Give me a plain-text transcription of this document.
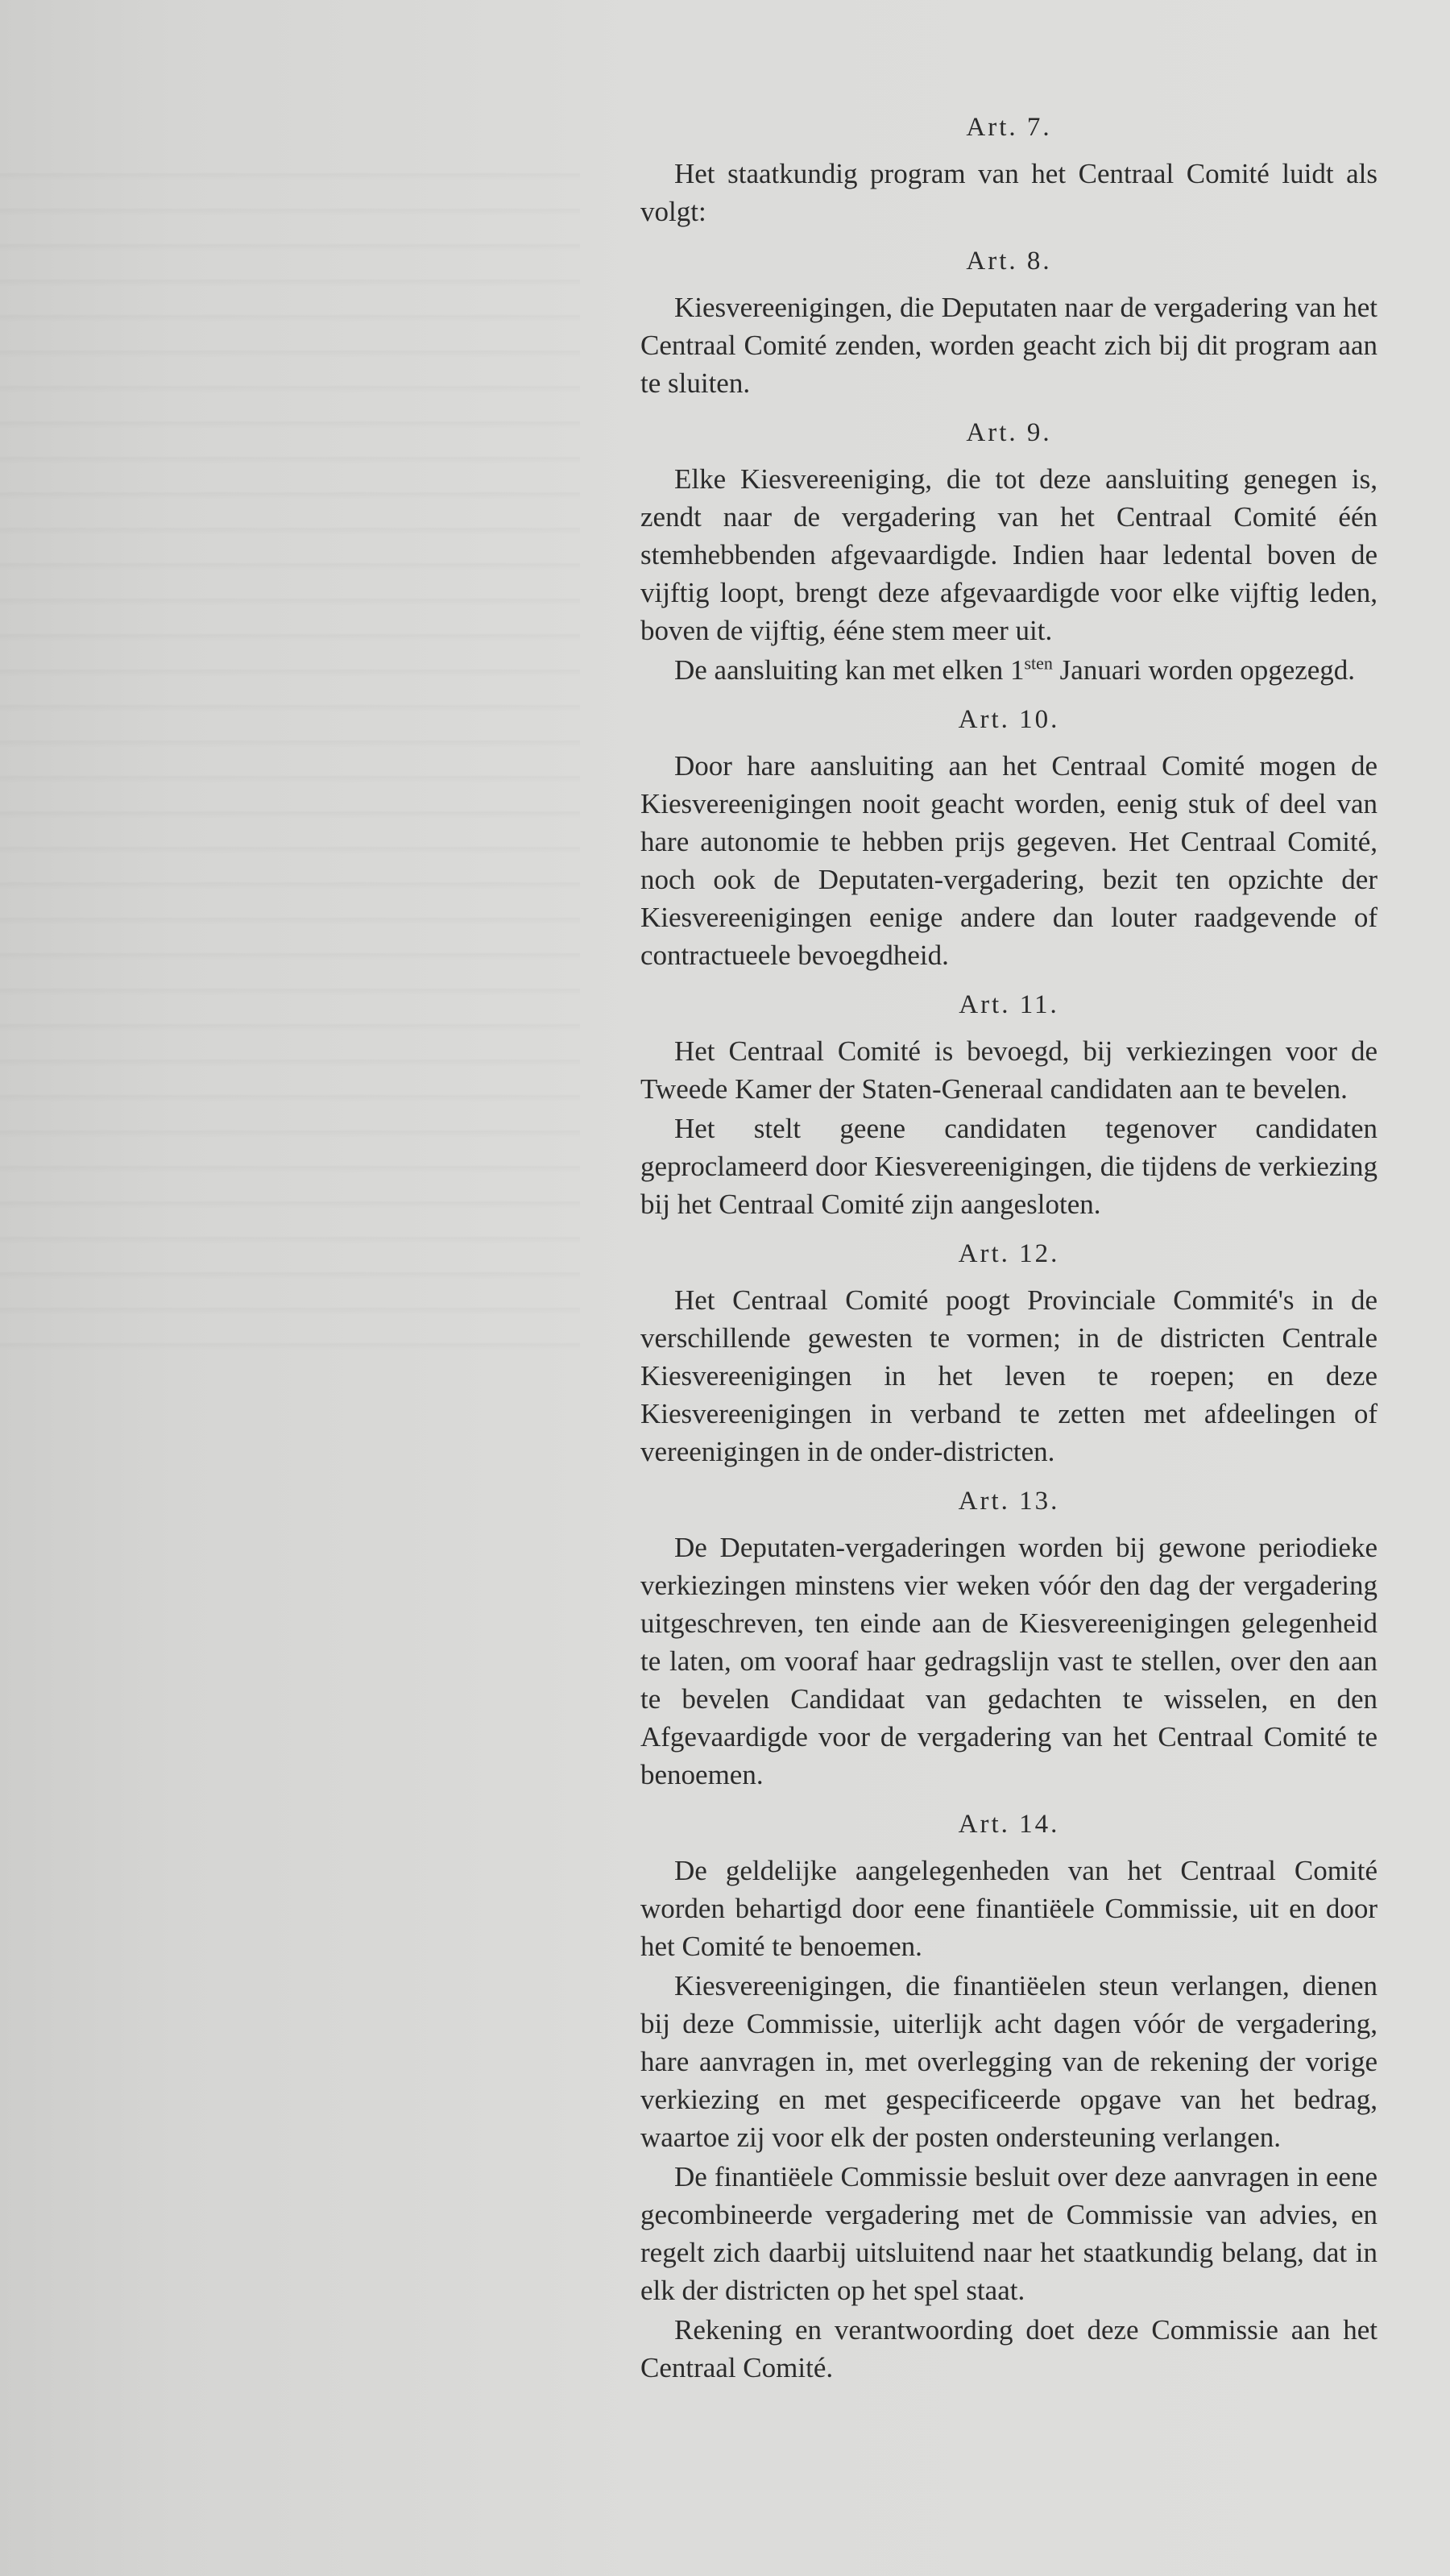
Art. 7.

Het staatkundig program van het Centraal Comité luidt als volgt:

Art. 8.

Kiesvereenigingen, die Deputaten naar de vergadering van het Centraal Comité zenden, worden geacht zich bij dit program aan te sluiten.

Art. 9.

Elke Kiesvereeniging, die tot deze aansluiting genegen is, zendt naar de vergadering van het Centraal Comité één stemhebbenden afgevaardigde. Indien haar ledental boven de vijftig loopt, brengt deze afgevaardigde voor elke vijftig leden, boven de vijftig, ééne stem meer uit.

De aansluiting kan met elken $1^{sten}$ Januari worden opgezegd.

Art. 10.

Door hare aansluiting aan het Centraal Comité mogen de Kiesvereenigingen nooit geacht worden, eenig stuk of deel van hare autonomie te hebben prijs gegeven. Het Centraal Comité, noch ook de Deputaten-vergadering, bezit ten opzichte der Kiesvereenigingen eenige andere dan louter raadgevende of contractueele bevoegdheid.

Art. 11.

Het Centraal Comité is bevoegd, bij verkiezingen voor de Tweede Kamer der Staten-Generaal candidaten aan te bevelen.

Het stelt geene candidaten tegenover candidaten geproclameerd door Kiesvereenigingen, die tijdens de verkiezing bij het Centraal Comité zijn aangesloten.

Art. 12.

Het Centraal Comité poogt Provinciale Commité's in de verschillende gewesten te vormen; in de districten Centrale Kiesvereenigingen in het leven te roepen; en deze Kiesvereenigingen in verband te zetten met afdeelingen of vereenigingen in de onder-districten.

Art. 13.

De Deputaten-vergaderingen worden bij gewone periodieke verkiezingen minstens vier weken vóór den dag der vergadering uitgeschreven, ten einde aan de Kiesvereenigingen gelegenheid te laten, om vooraf haar gedragslijn vast te stellen, over den aan te bevelen Candidaat van gedachten te wisselen, en den Afgevaardigde voor de vergadering van het Centraal Comité te benoemen.

Art. 14.

De geldelijke aangelegenheden van het Centraal Comité worden behartigd door eene finantiëele Commissie, uit en door het Comité te benoemen.

Kiesvereenigingen, die finantiëelen steun verlangen, dienen bij deze Commissie, uiterlijk acht dagen vóór de vergadering, hare aanvragen in, met overlegging van de rekening der vorige verkiezing en met gespecificeerde opgave van het bedrag, waartoe zij voor elk der posten ondersteuning verlangen.

De finantiëele Commissie besluit over deze aanvragen in eene gecombineerde vergadering met de Commissie van advies, en regelt zich daarbij uitsluitend naar het staatkundig belang, dat in elk der districten op het spel staat.

Rekening en verantwoording doet deze Commissie aan het Centraal Comité.
